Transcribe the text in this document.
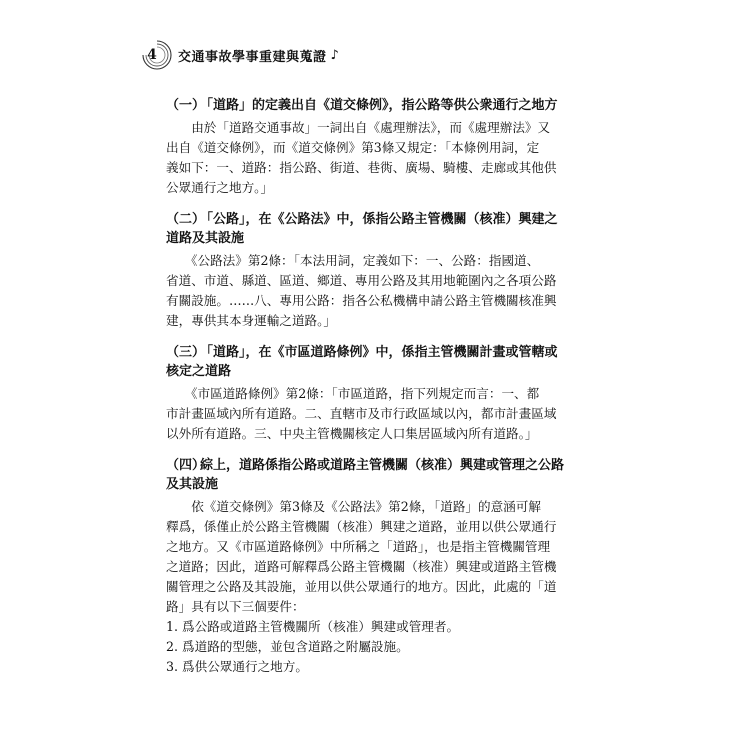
4	交通事故學事重建與蒐證 ♪

（一）「道路」的定義出自《道交條例》，指公路等供公衆通行之地方

　　由於「道路交通事故」一詞出自《處理辦法》，而《處理辦法》又
出自《道交條例》，而《道交條例》第3條又規定：「本條例用詞，定
義如下：一、道路：指公路、街道、巷衖、廣場、騎樓、走廊或其他供
公眾通行之地方。」

（二）「公路」，在《公路法》中，係指公路主管機關（核准）興建之
道路及其設施

　　《公路法》第2條：「本法用詞，定義如下：一、公路：指國道、
省道、市道、縣道、區道、鄉道、專用公路及其用地範圍內之各項公路
有關設施。……八、專用公路：指各公私機構申請公路主管機關核准興
建，專供其本身運輸之道路。」

（三）「道路」，在《市區道路條例》中，係指主管機關計畫或管轄或
核定之道路

　　《市區道路條例》第2條：「市區道路，指下列規定而言：一、都
市計畫區域內所有道路。二、直轄市及市行政區域以內，都市計畫區域
以外所有道路。三、中央主管機關核定人口集居區域內所有道路。」

（四）綜上，道路係指公路或道路主管機關（核准）興建或管理之公路
及其設施

　　依《道交條例》第3條及《公路法》第2條，「道路」的意涵可解
釋爲，係僅止於公路主管機關（核准）興建之道路，並用以供公眾通行
之地方。又《市區道路條例》中所稱之「道路」，也是指主管機關管理
之道路；因此，道路可解釋爲公路主管機關（核准）興建或道路主管機
關管理之公路及其設施，並用以供公眾通行的地方。因此，此處的「道
路」具有以下三個要件：

1. 爲公路或道路主管機關所（核准）興建或管理者。

2. 爲道路的型態，並包含道路之附屬設施。

3. 爲供公眾通行之地方。
